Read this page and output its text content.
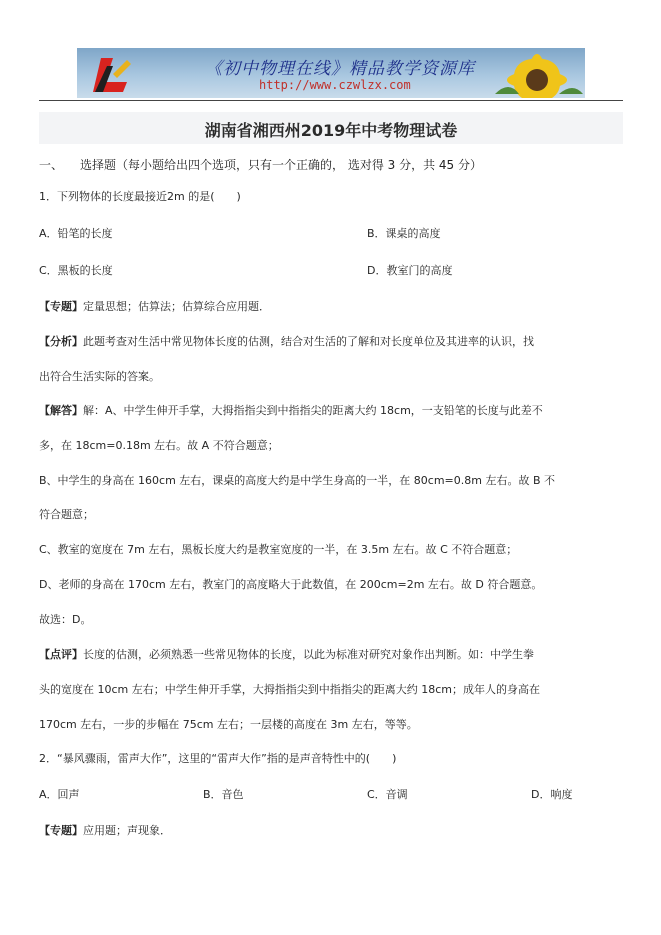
《初中物理在线》精品教学资源库
http://www.czwlzx.com
湖南省湘西州2019年中考物理试卷
一、 选择题（每小题给出四个选项，只有一个正确的， 选对得 3 分，共 45 分）
1．下列物体的长度最接近2m 的是(　　)
A．铅笔的长度	B．课桌的高度
C．黑板的长度	D．教室门的高度
【专题】定量思想；估算法；估算综合应用题．
【分析】此题考查对生活中常见物体长度的估测，结合对生活的了解和对长度单位及其进率的认识，找
出符合生活实际的答案。
【解答】解：A、中学生伸开手掌，大拇指指尖到中指指尖的距离大约 18cm，一支铅笔的长度与此差不
多，在 18cm=0.18m 左右。故 A 不符合题意；
B、中学生的身高在 160cm 左右，课桌的高度大约是中学生身高的一半，在 80cm=0.8m 左右。故 B 不
符合题意；
C、教室的宽度在 7m 左右，黑板长度大约是教室宽度的一半，在 3.5m 左右。故 C 不符合题意；
D、老师的身高在 170cm 左右，教室门的高度略大于此数值，在 200cm=2m 左右。故 D 符合题意。
故选：D。
【点评】长度的估测，必须熟悉一些常见物体的长度，以此为标准对研究对象作出判断。如：中学生拳
头的宽度在 10cm 左右；中学生伸开手掌，大拇指指尖到中指指尖的距离大约 18cm；成年人的身高在
170cm 左右，一步的步幅在 75cm 左右；一层楼的高度在 3m 左右，等等。
2．“暴风骤雨，雷声大作”，这里的“雷声大作”指的是声音特性中的(　　)
A．回声	B．音色	C．音调	D．响度
【专题】应用题；声现象．
